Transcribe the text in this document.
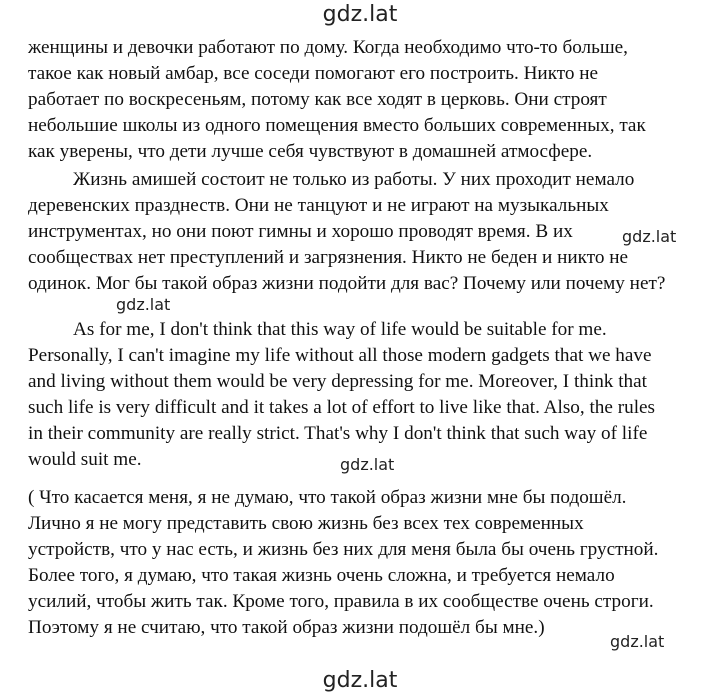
gdz.lat
женщины и девочки работают по дому. Когда необходимо что-то больше,
такое как новый амбар, все соседи помогают его построить. Никто не
работает по воскресеньям, потому как все ходят в церковь. Они строят
небольшие школы из одного помещения вместо больших современных, так
как уверены, что дети лучше себя чувствуют в домашней атмосфере.
Жизнь амишей состоит не только из работы. У них проходит немало
деревенских празднеств. Они не танцуют и не играют на музыкальных
инструментах, но они поют гимны и хорошо проводят время. В их	gdz.lat
сообществах нет преступлений и загрязнения. Никто не беден и никто не
одинок. Мог бы такой образ жизни подойти для вас? Почему или почему нет?
gdz.lat
As for me, I don't think that this way of life would be suitable for me.
Personally, I can't imagine my life without all those modern gadgets that we have
and living without them would be very depressing for me. Moreover, I think that
such life is very difficult and it takes a lot of effort to live like that. Also, the rules
in their community are really strict. That's why I don't think that such way of life
would suit me.	gdz.lat
( Что касается меня, я не думаю, что такой образ жизни мне бы подошёл.
Лично я не могу представить свою жизнь без всех тех современных
устройств, что у нас есть, и жизнь без них для меня была бы очень грустной.
Более того, я думаю, что такая жизнь очень сложна, и требуется немало
усилий, чтобы жить так. Кроме того, правила в их сообществе очень строги.
Поэтому я не считаю, что такой образ жизни подошёл бы мне.)
gdz.lat
gdz.lat
